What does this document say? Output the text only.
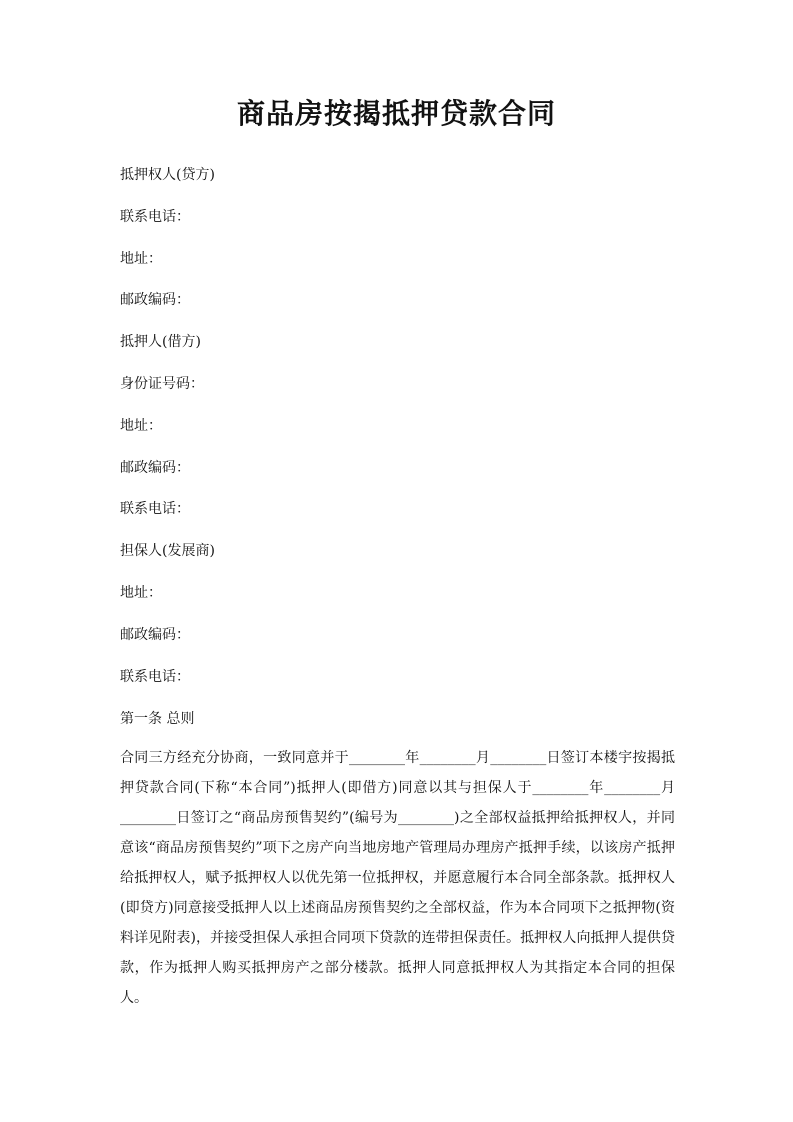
商品房按揭抵押贷款合同
抵押权人(贷方)
联系电话：
地址：
邮政编码：
抵押人(借方)
身份证号码：
地址：
邮政编码：
联系电话：
担保人(发展商)
地址：
邮政编码：
联系电话：
第一条 总则
合同三方经充分协商，一致同意并于________年________月________日签订本楼宇按揭抵押贷款合同(下称“本合同”)抵押人(即借方)同意以其与担保人于________年________月________日签订之“商品房预售契约”(编号为________)之全部权益抵押给抵押权人，并同意该“商品房预售契约”项下之房产向当地房地产管理局办理房产抵押手续，以该房产抵押给抵押权人，赋予抵押权人以优先第一位抵押权，并愿意履行本合同全部条款。抵押权人(即贷方)同意接受抵押人以上述商品房预售契约之全部权益，作为本合同项下之抵押物(资料详见附表)，并接受担保人承担合同项下贷款的连带担保责任。抵押权人向抵押人提供贷款，作为抵押人购买抵押房产之部分楼款。抵押人同意抵押权人为其指定本合同的担保人。
